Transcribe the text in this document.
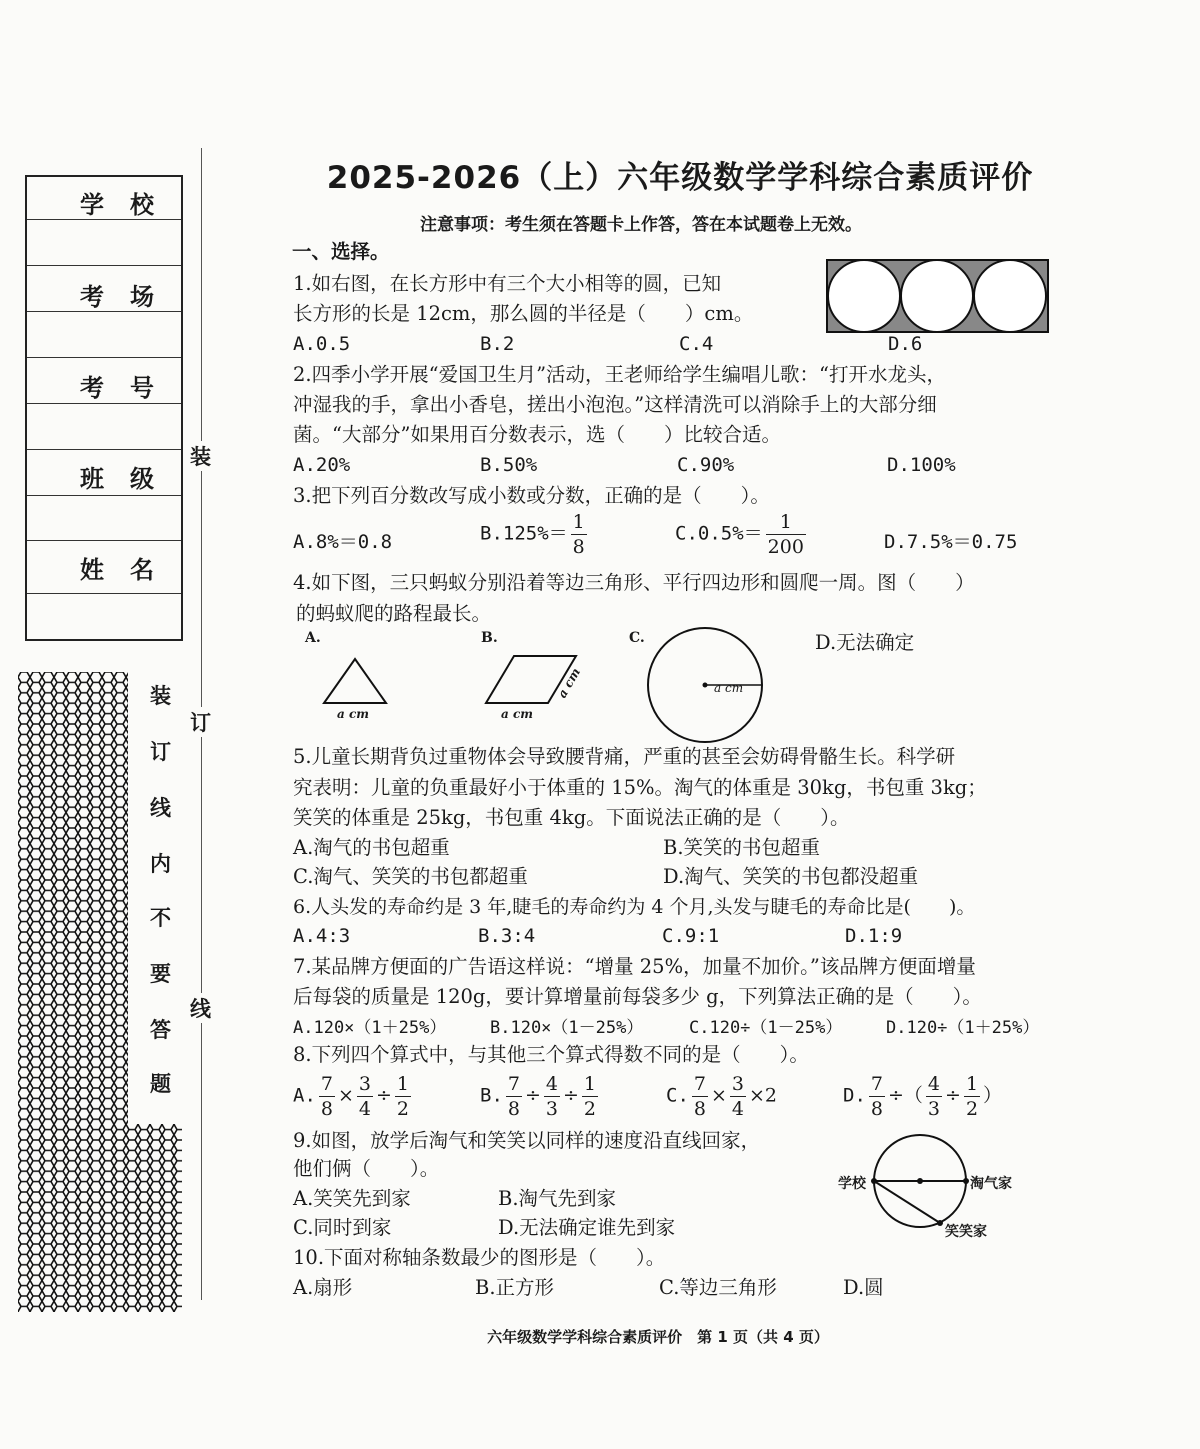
学校
考场
考号
班级
姓名
装
订
线
装
订
线
内
不
要
答
题
2025-2026（上）六年级数学学科综合素质评价
注意事项：考生须在答题卡上作答，答在本试题卷上无效。
一、选择。
1.如右图，在长方形中有三个大小相等的圆，已知
长方形的长是 12cm，那么圆的半径是（　　）cm。
A.0.5	B.2	C.4	D.6
2.四季小学开展“爱国卫生月”活动，王老师给学生编唱儿歌：“打开水龙头，
冲湿我的手，拿出小香皂，搓出小泡泡。”这样清洗可以消除手上的大部分细
菌。“大部分”如果用百分数表示，选（　　）比较合适。
A.20%	B.50%	C.90%	D.100%
3.把下列百分数改写成小数或分数，正确的是（　　）。
A.8%＝0.8	$B.125\%= \frac{1}{8}$	$C.0.5\%= \frac{1}{200}$	D.7.5%＝0.75
4.如下图，三只蚂蚁分别沿着等边三角形、平行四边形和圆爬一周。图（　　）
的蚂蚁爬的路程最长。
A.	B.	C.	D.无法确定
a cm	a cm
a cm	a cm
5.儿童长期背负过重物体会导致腰背痛，严重的甚至会妨碍骨骼生长。科学研
究表明：儿童的负重最好小于体重的 15%。淘气的体重是 30kg，书包重 3kg；
笑笑的体重是 25kg，书包重 4kg。下面说法正确的是（　　）。
A.淘气的书包超重	B.笑笑的书包超重
C.淘气、笑笑的书包都超重	D.淘气、笑笑的书包都没超重
6.人头发的寿命约是 3 年,睫毛的寿命约为 4 个月,头发与睫毛的寿命比是(　　)。
A.4:3	B.3:4	C.9:1	D.1:9
7.某品牌方便面的广告语这样说：“增量 25%，加量不加价。”该品牌方便面增量
后每袋的质量是 120g，要计算增量前每袋多少 g，下列算法正确的是（　　）。
A.120×（1＋25%）	B.120×（1－25%）	C.120÷（1－25%）	D.120÷（1＋25%）
8.下列四个算式中，与其他三个算式得数不同的是（　　）。
A. $\frac{7}{8} \times \frac{3}{4} \div \frac{1}{2}$	B. $\frac{7}{8} \div \frac{4}{3} \div \frac{1}{2}$	C. $\frac{7}{8} \times \frac{3}{4} \times 2$	D. $\frac{7}{8}$ ÷（ $\frac{4}{3} \div \frac{1}{2}$ ）
9.如图，放学后淘气和笑笑以同样的速度沿直线回家，
他们俩（　　）。
A.笑笑先到家	B.淘气先到家
C.同时到家	D.无法确定谁先到家
学校	淘气家
笑笑家
10.下面对称轴条数最少的图形是（　　）。
A.扇形	B.正方形	C.等边三角形	D.圆
六年级数学学科综合素质评价　第 1 页（共 4 页）
